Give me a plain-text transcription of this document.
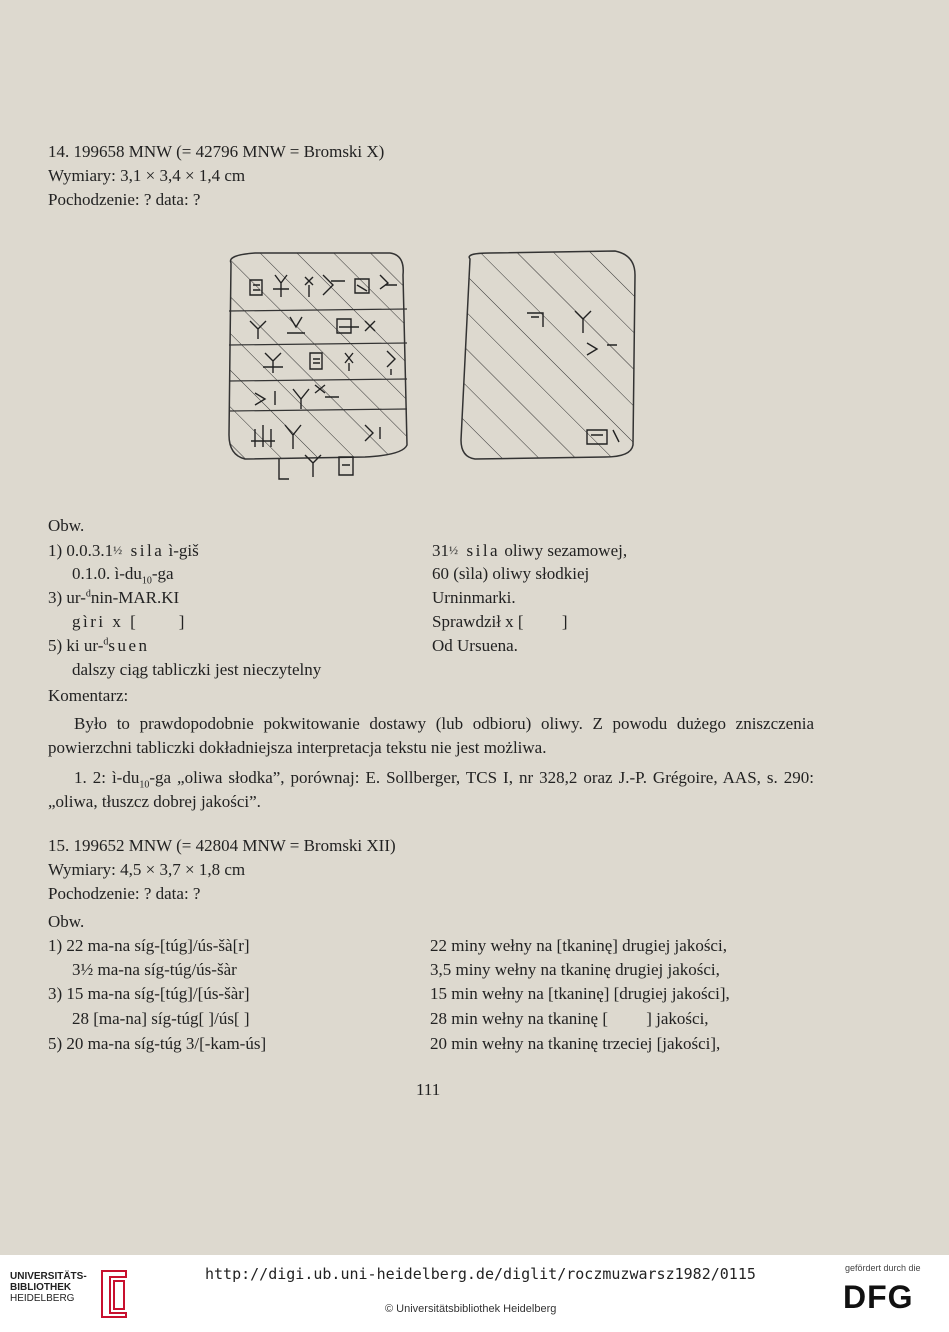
14. 199658 MNW (= 42796 MNW = Bromski X)
Wymiary: 3,1 × 3,4 × 1,4 cm
Pochodzenie: ? data: ?
Obw.
1) 0.0.3.1½ sila ì-giš	31½ sila oliwy sezamowej,
0.1.0. $ì-du_{10}-ga$	60 (sìla) oliwy słodkiej
3) ur-$^d$nin-MAR.KI	Urninmarki.
gìri x [      ]	Sprawdził x [         ]
5) ki ur-$^d$suen	Od Ursuena.
dalszy ciąg tabliczki jest nieczytelny
Komentarz:
Było to prawdopodobnie pokwitowanie dostawy (lub odbioru) oliwy. Z powodu dużego zniszczenia powierzchni tabliczki dokładniejsza interpretacja tekstu nie jest możliwa.
1. 2: $ì-du_{10}-ga$ „oliwa słodka”, porównaj: E. Sollberger, TCS I, nr 328,2 oraz J.-P. Grégoire, AAS, s. 290: „oliwa, tłuszcz dobrej jakości”.
15. 199652 MNW (= 42804 MNW = Bromski XII)
Wymiary: 4,5 × 3,7 × 1,8 cm
Pochodzenie: ? data: ?
Obw.
1) 22 ma-na síg-[túg]/ús-šà[r]	22 miny wełny na [tkaninę] drugiej jakości,
3½ ma-na síg-túg/ús-šàr	3,5 miny wełny na tkaninę drugiej jakości,
3) 15 ma-na síg-[túg]/[ús-šàr]	15 min wełny na [tkaninę] [drugiej jakości],
28 [ma-na] síg-túg[ ]/ús[ ]	28 min wełny na tkaninę [         ] jakości,
5) 20 ma-na síg-túg 3/[-kam-ús]	20 min wełny na tkaninę trzeciej [jakości],
111
UNIVERSITÄTS-
BIBLIOTHEK
HEIDELBERG
http://digi.ub.uni-heidelberg.de/diglit/roczmuzwarsz1982/0115
© Universitätsbibliothek Heidelberg
gefördert durch die
DFG
